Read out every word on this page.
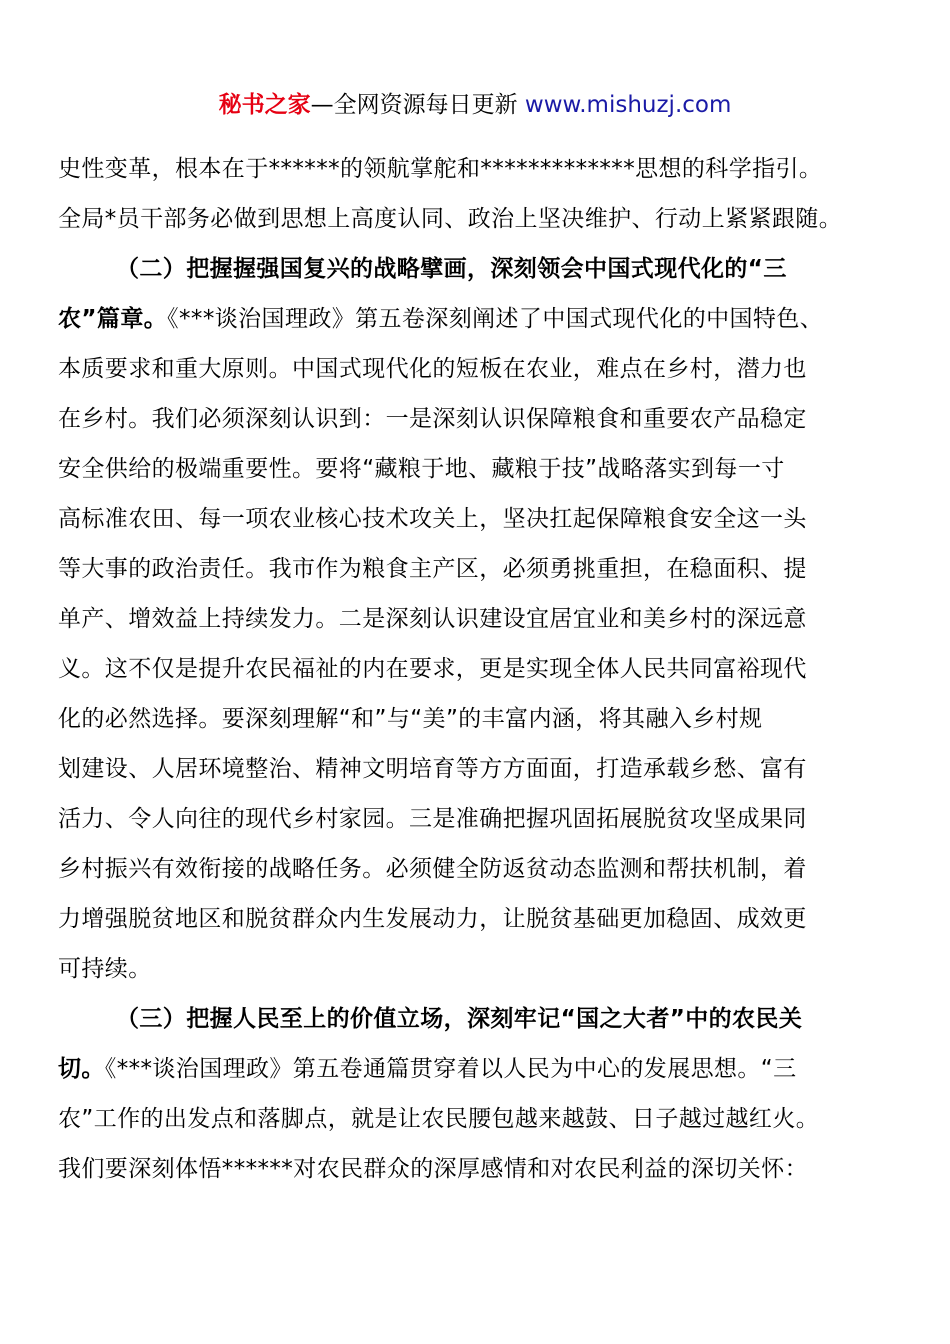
秘书之家—全网资源每日更新 www.mishuzj.com
史性变革，根本在于******的领航掌舵和*************思想的科学指引。
全局*员干部务必做到思想上高度认同、政治上坚决维护、行动上紧紧跟随。
（二）把握握强国复兴的战略擘画，深刻领会中国式现代化的“三
农”篇章。《***谈治国理政》第五卷深刻阐述了中国式现代化的中国特色、
本质要求和重大原则。中国式现代化的短板在农业，难点在乡村，潜力也
在乡村。我们必须深刻认识到：一是深刻认识保障粮食和重要农产品稳定
安全供给的极端重要性。要将“藏粮于地、藏粮于技”战略落实到每一寸
高标准农田、每一项农业核心技术攻关上，坚决扛起保障粮食安全这一头
等大事的政治责任。我市作为粮食主产区，必须勇挑重担，在稳面积、提
单产、增效益上持续发力。二是深刻认识建设宜居宜业和美乡村的深远意
义。这不仅是提升农民福祉的内在要求，更是实现全体人民共同富裕现代
化的必然选择。要深刻理解“和”与“美”的丰富内涵，将其融入乡村规
划建设、人居环境整治、精神文明培育等方方面面，打造承载乡愁、富有
活力、令人向往的现代乡村家园。三是准确把握巩固拓展脱贫攻坚成果同
乡村振兴有效衔接的战略任务。必须健全防返贫动态监测和帮扶机制，着
力增强脱贫地区和脱贫群众内生发展动力，让脱贫基础更加稳固、成效更
可持续。
（三）把握人民至上的价值立场，深刻牢记“国之大者”中的农民关
切。《***谈治国理政》第五卷通篇贯穿着以人民为中心的发展思想。“三
农”工作的出发点和落脚点，就是让农民腰包越来越鼓、日子越过越红火。
我们要深刻体悟******对农民群众的深厚感情和对农民利益的深切关怀：
